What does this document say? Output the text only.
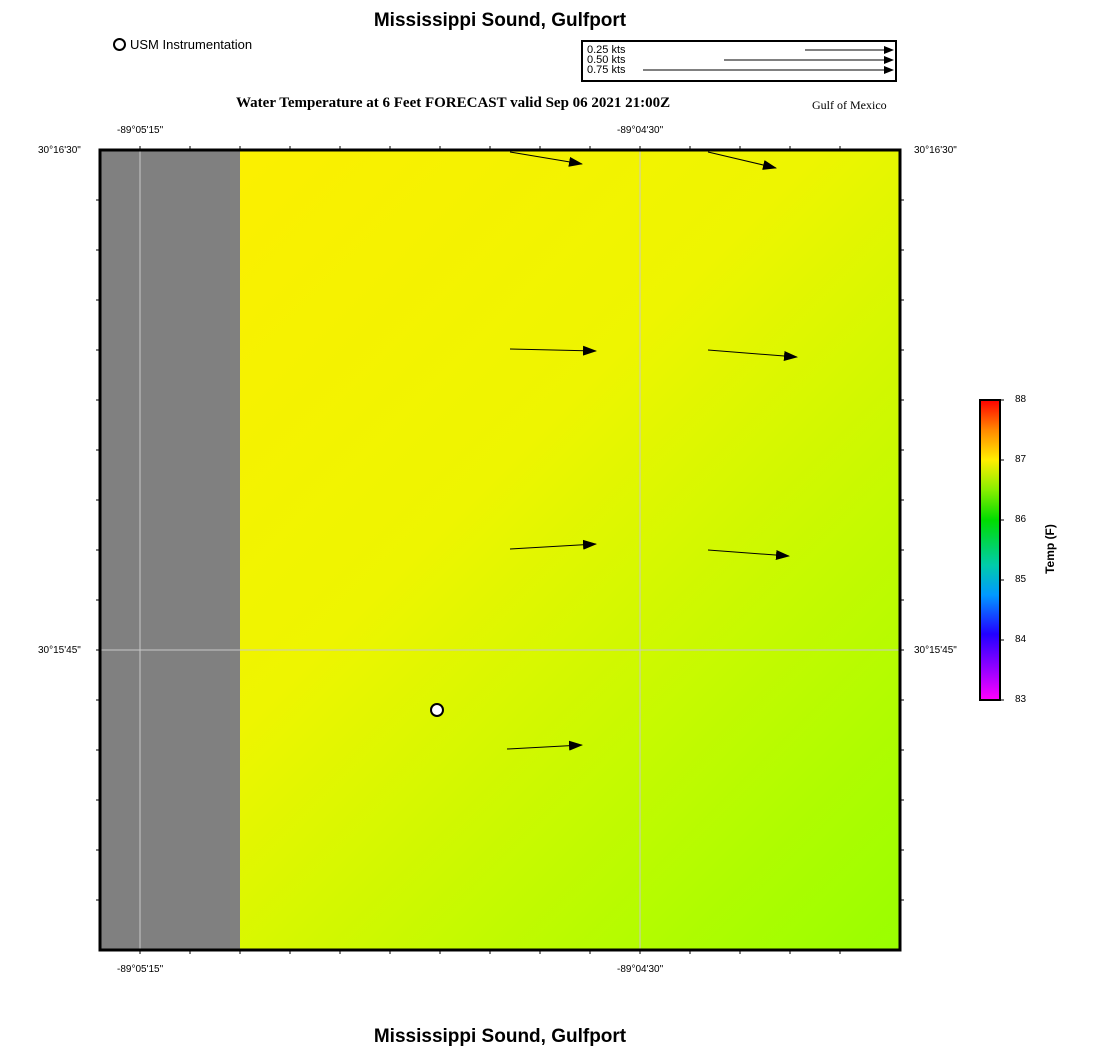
Mississippi Sound, Gulfport
USM Instrumentation	0.25 kts
0.50 kts
0.75 kts
Water Temperature at 6 Feet FORECAST valid Sep 06 2021 21:00Z	Gulf of Mexico
-89°05'15"	-89°04'30"
-89°05'15"	-89°04'30"
30°16'30"
30°15'45"
30°16'30"
30°15'45"
88
87
86
85
84
83
Temp (F)
Mississippi Sound, Gulfport
